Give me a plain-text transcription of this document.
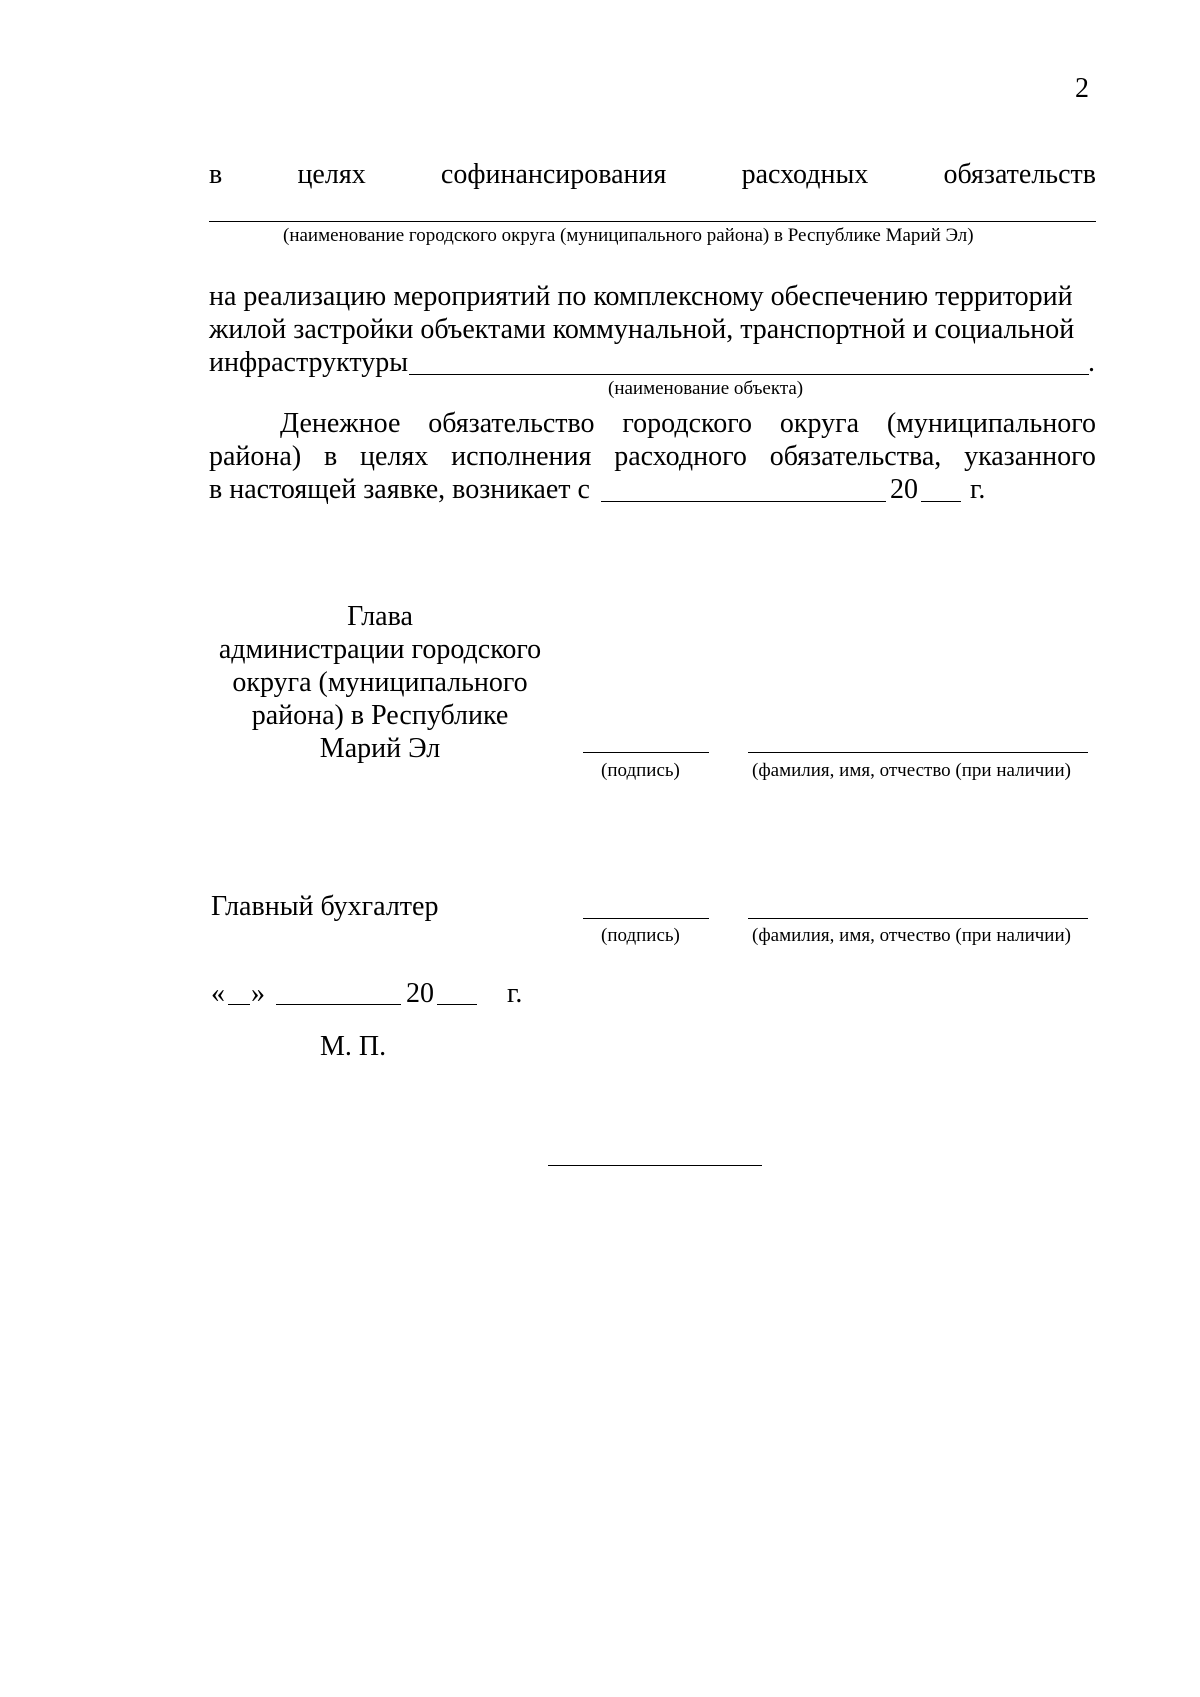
2
в	целях	софинансирования	расходных	обязательств
(наименование городского округа (муниципального района) в Республике Марий Эл)
на реализацию мероприятий по комплексному обеспечению территорий
жилой застройки объектами коммунальной, транспортной и социальной
инфраструктуры	.
(наименование объекта)
Денежное обязательство городского округа (муниципального
района) в целях исполнения расходного обязательства, указанного
в настоящей заявке, возникает с	20 г.
Глава
администрации городского
округа (муниципального
района) в Республике
Марий Эл
(подпись)	(фамилия, имя, отчество (при наличии)
Главный бухгалтер
(подпись)	(фамилия, имя, отчество (при наличии)
« »	20	г.
М. П.
